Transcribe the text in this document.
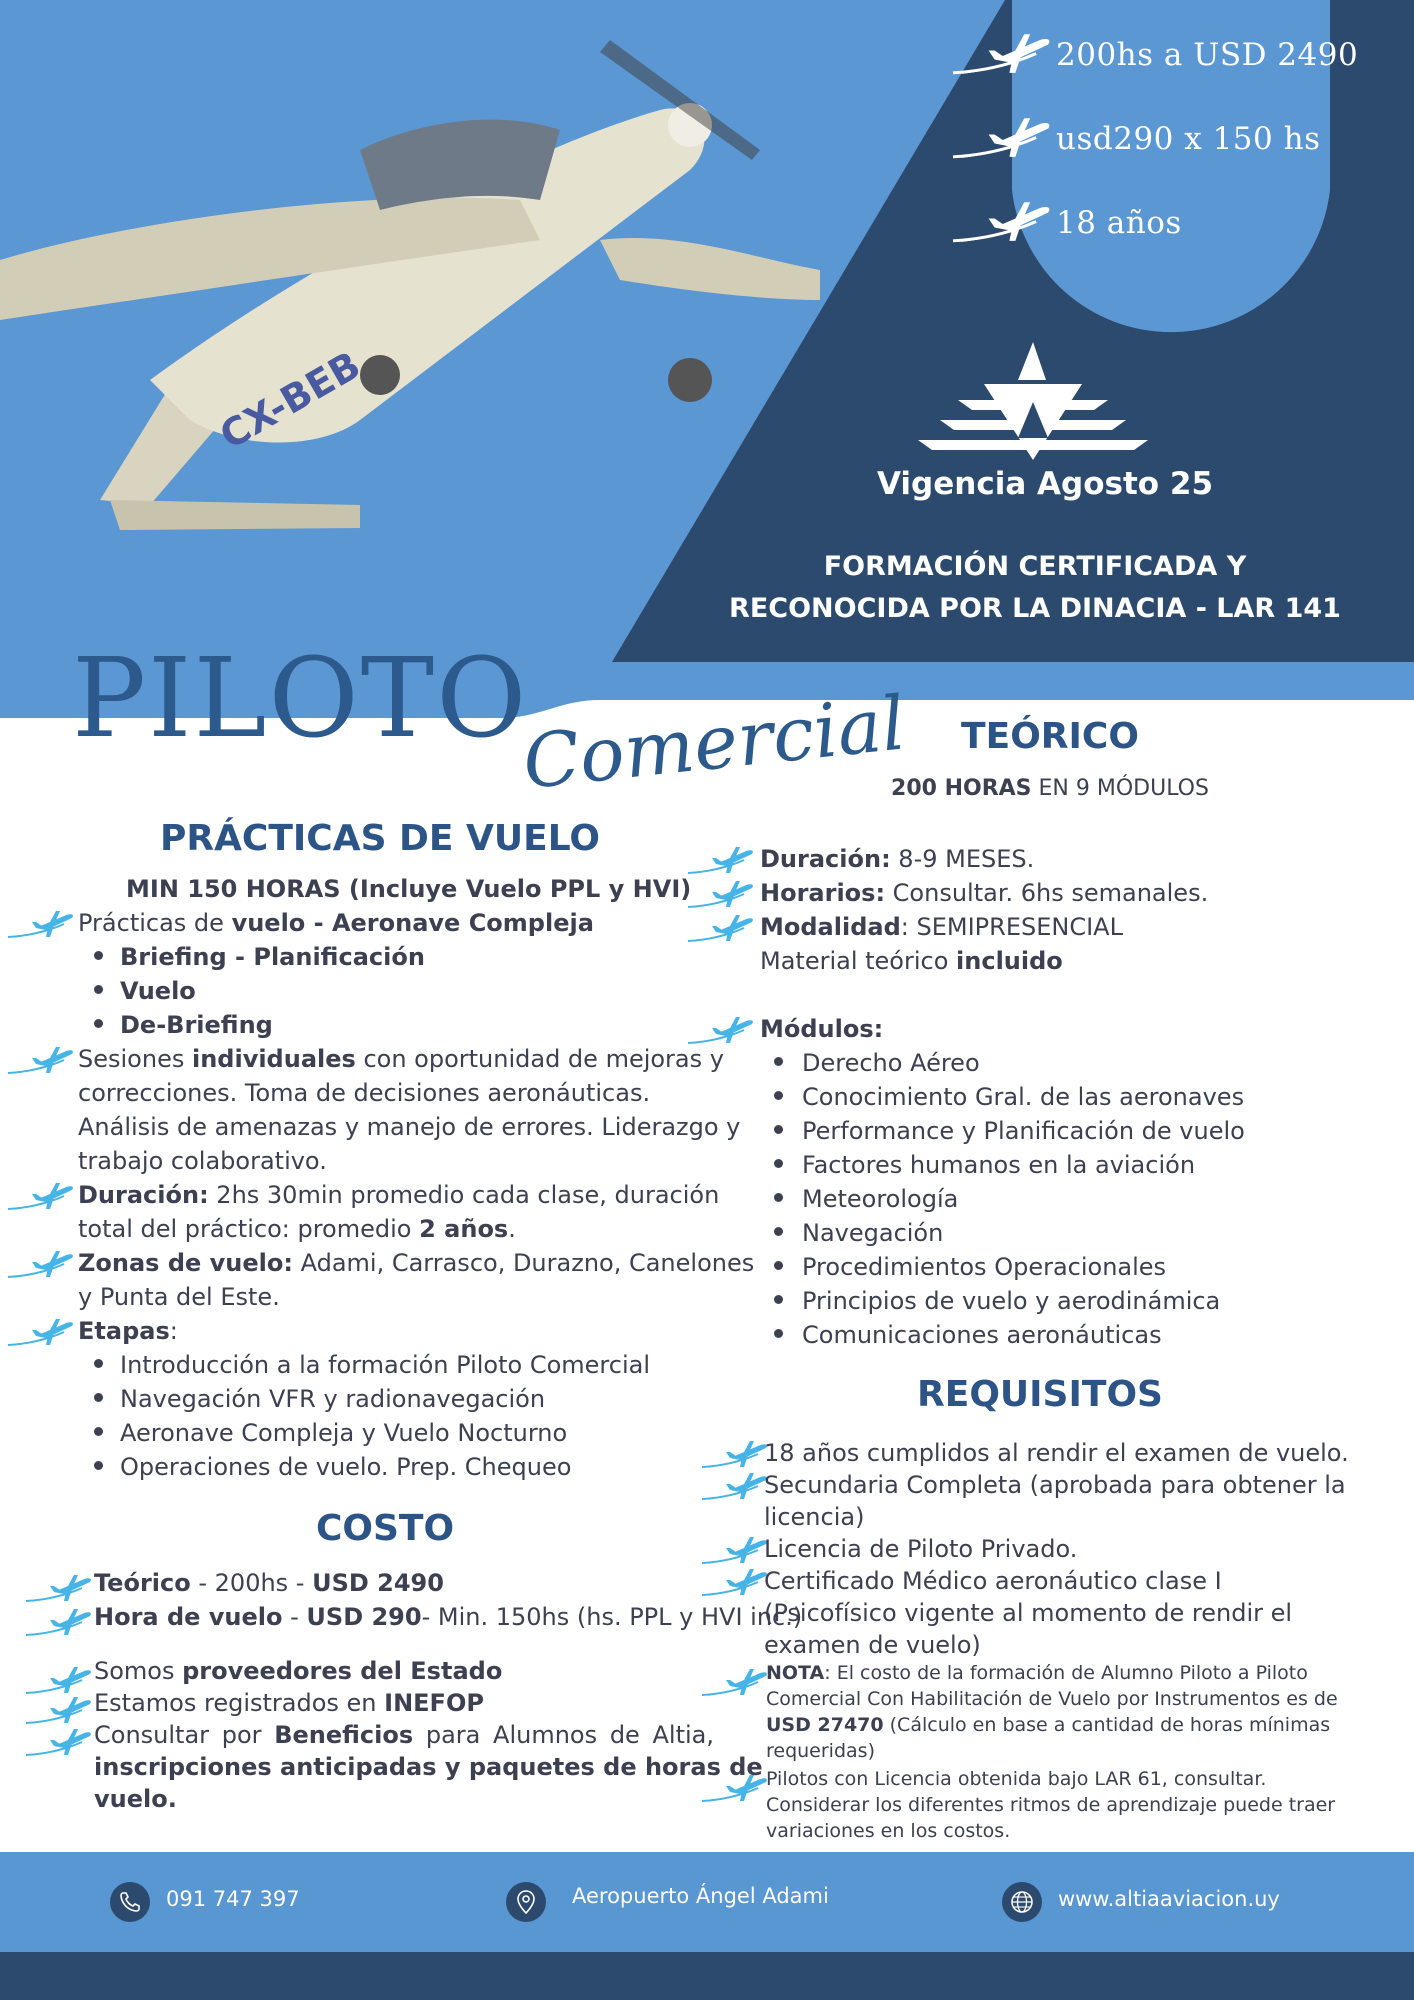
CX-BEB
200hs a USD 2490
usd290 x 150 hs
18 años
Vigencia Agosto 25
FORMACIÓN CERTIFICADA Y
RECONOCIDA POR LA DINACIA - LAR 141
PILOTO
Comercial	TEÓRICO
200 HORAS EN 9 MÓDULOS
Duración: 8-9 MESES.
Horarios: Consultar. 6hs semanales.
Modalidad: SEMIPRESENCIAL
Material teórico incluido
Módulos:
Derecho Aéreo
Conocimiento Gral. de las aeronaves
Performance y Planificación de vuelo
Factores humanos en la aviación
Meteorología
Navegación
Procedimientos Operacionales
Principios de vuelo y aerodinámica
Comunicaciones aeronáuticas
REQUISITOS
18 años cumplidos al rendir el examen de vuelo.
Secundaria Completa (aprobada para obtener la
licencia)
Licencia de Piloto Privado.
Certificado Médico aeronáutico clase I
(Psicofísico vigente al momento de rendir el
examen de vuelo)
NOTA: El costo de la formación de Alumno Piloto a Piloto
Comercial Con Habilitación de Vuelo por Instrumentos es de
USD 27470 (Cálculo en base a cantidad de horas mínimas
requeridas)
Pilotos con Licencia obtenida bajo LAR 61, consultar.
Considerar los diferentes ritmos de aprendizaje puede traer
variaciones en los costos.
PRÁCTICAS DE VUELO
MIN 150 HORAS (Incluye Vuelo PPL y HVI)
Prácticas de vuelo - Aeronave Compleja
Briefing - Planificación
Vuelo
De-Briefing
Sesiones individuales con oportunidad de mejoras y
correcciones. Toma de decisiones aeronáuticas.
Análisis de amenazas y manejo de errores. Liderazgo y
trabajo colaborativo.
Duración: 2hs 30min promedio cada clase, duración
total del práctico: promedio 2 años.
Zonas de vuelo: Adami, Carrasco, Durazno, Canelones
y Punta del Este.
Etapas:
Introducción a la formación Piloto Comercial
Navegación VFR y radionavegación
Aeronave Compleja y Vuelo Nocturno
Operaciones de vuelo. Prep. Chequeo
COSTO
Teórico - 200hs - USD 2490
Hora de vuelo - USD 290- Min. 150hs (hs. PPL y HVI inc.)
Somos proveedores del Estado
Estamos registrados en INEFOP
Consultar por Beneficios para Alumnos de Altia,
inscripciones anticipadas y paquetes de horas de
vuelo.
091 747 397	Aeropuerto Ángel Adami	www.altiaaviacion.uy
